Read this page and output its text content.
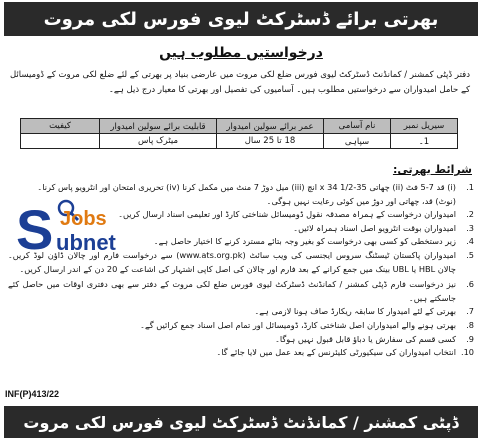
بھرتی برائے ڈسٹرکٹ لیوی فورس لکی مروت
درخواستیں مطلوب ہیں
دفتر ڈپٹی کمشنر / کمانڈنٹ ڈسٹرکٹ لیوی فورس ضلع لکی مروت میں عارضی بنیاد پر بھرتی کے لئے ضلع لکی مروت کے ڈومیسائل کے حامل امیدواران سے درخواستیں مطلوب ہیں۔ آسامیوں کی تفصیل اور بھرتی کا معیار درج ذیل ہے۔
سیریل نمبر	نام آسامی	عمر برائے سولین امیدوار	قابلیت برائے سولین امیدوار	کیفیت
1۔	سپاہی	18 تا 25 سال	میٹرک پاس	
شرائط بھرتی:
1.
(i) قد 7-5 فٹ (ii) چھاتی 35-1/2 x 34 انچ (iii) میل دوڑ 7 منٹ میں مکمل کرنا (iv) تحریری امتحان اور انٹرویو پاس کرنا۔
(نوٹ) قد، چھاتی اور دوڑ میں کوئی رعایت نہیں ہوگی۔
2.
امیدواران درخواست کے ہمراہ مصدقہ نقول ڈومیسائل شناختی کارڈ اور تعلیمی اسناد ارسال کریں۔
3.
امیدواران بوقت انٹرویو اصل اسناد ہمراہ لائیں۔
4.
زیر دستخطی کو کسی بھی درخواست کو بغیر وجہ بتائے مسترد کرنے کا اختیار حاصل ہے۔
5.
امیدواران پاکستان ٹیسٹنگ سروس ایجنسی کی ویب سائٹ (www.ats.org.pk) سے درخواست فارم اور چالان ڈاؤن لوڈ کریں۔ چالان HBL یا UBL بینک میں جمع کرانے کے بعد فارم اور چالان کی اصل کاپی اشتہار کی اشاعت کے 20 دن کے اندر ارسال کریں۔
6.
نیز درخواست فارم ڈپٹی کمشنر / کمانڈنٹ ڈسٹرکٹ لیوی فورس ضلع لکی مروت کے دفتر سے بھی دفتری اوقات میں حاصل کئے جاسکتے ہیں۔
7.
بھرتی کے لئے امیدوار کا سابقہ ریکارڈ صاف ہونا لازمی ہے۔
8.
بھرتی ہونے والے امیدواران اصل شناختی کارڈ، ڈومیسائل اور تمام اصل اسناد جمع کرائیں گے۔
9.
کسی قسم کی سفارش یا دباؤ قابل قبول نہیں ہوگا۔
10.
انتخاب امیدواران کی سیکیورٹی کلیئرنس کے بعد عمل میں لایا جائے گا۔
S Jobs
ubnet
INF(P)413/22
ڈپٹی کمشنر / کمانڈنٹ ڈسٹرکٹ لیوی فورس لکی مروت
